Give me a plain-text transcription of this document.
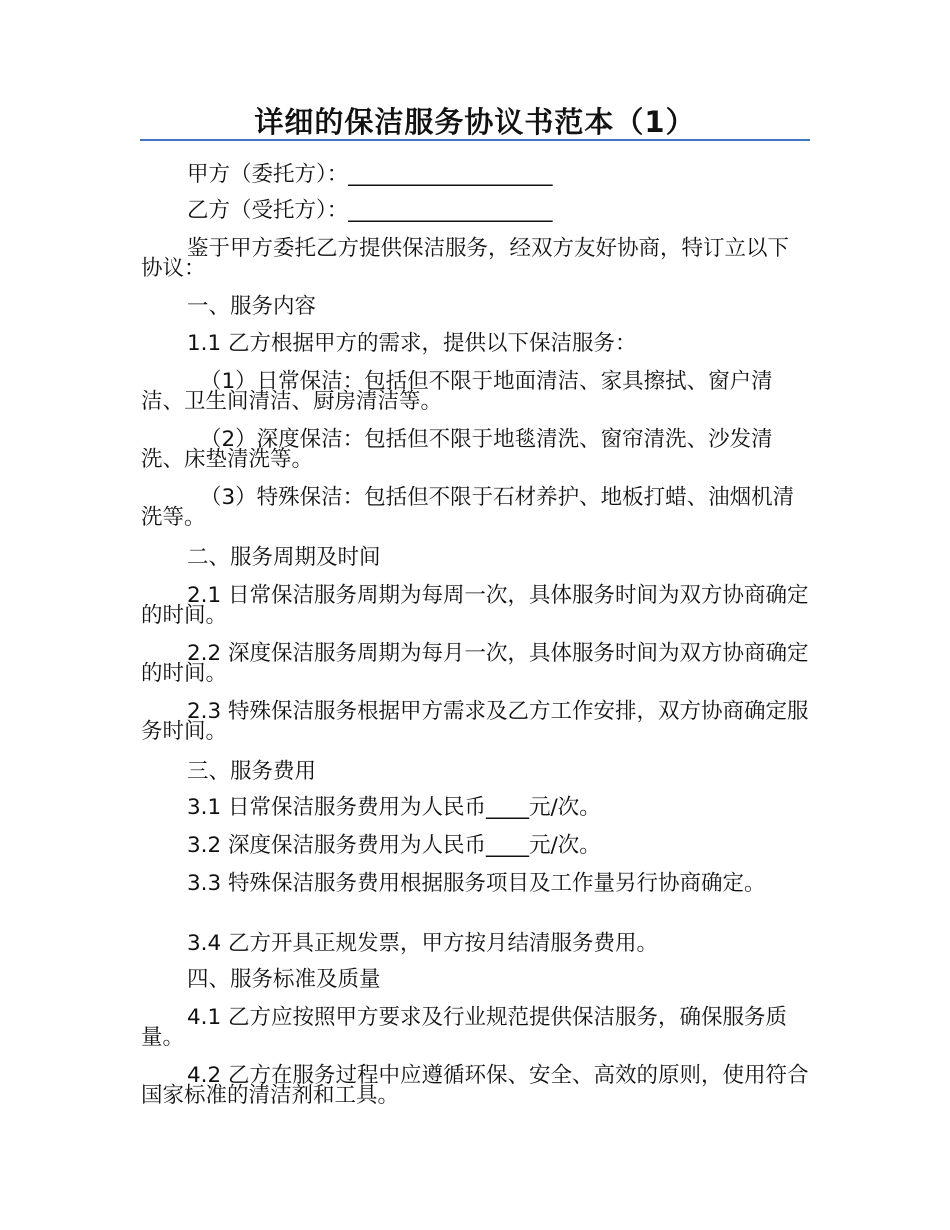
详细的保洁服务协议书范本（1）
甲方（委托方）：___________________
乙方（受托方）：___________________
鉴于甲方委托乙方提供保洁服务，经双方友好协商，特订立以下协议：
一、服务内容
1.1 乙方根据甲方的需求，提供以下保洁服务：
（1）日常保洁：包括但不限于地面清洁、家具擦拭、窗户清洁、卫生间清洁、厨房清洁等。
（2）深度保洁：包括但不限于地毯清洗、窗帘清洗、沙发清洗、床垫清洗等。
（3）特殊保洁：包括但不限于石材养护、地板打蜡、油烟机清洗等。
二、服务周期及时间
2.1 日常保洁服务周期为每周一次，具体服务时间为双方协商确定的时间。
2.2 深度保洁服务周期为每月一次，具体服务时间为双方协商确定的时间。
2.3 特殊保洁服务根据甲方需求及乙方工作安排，双方协商确定服务时间。
三、服务费用
3.1 日常保洁服务费用为人民币____元/次。
3.2 深度保洁服务费用为人民币____元/次。
3.3 特殊保洁服务费用根据服务项目及工作量另行协商确定。
3.4 乙方开具正规发票，甲方按月结清服务费用。
四、服务标准及质量
4.1 乙方应按照甲方要求及行业规范提供保洁服务，确保服务质量。
4.2 乙方在服务过程中应遵循环保、安全、高效的原则，使用符合国家标准的清洁剂和工具。
